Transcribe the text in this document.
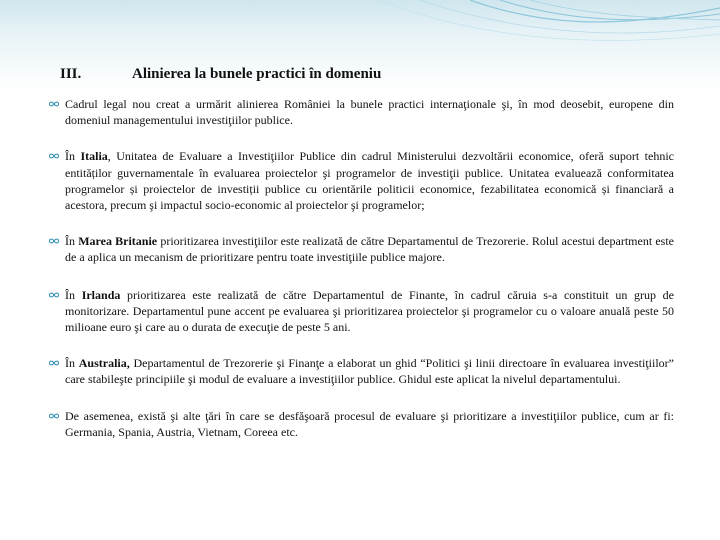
III.	Alinierea la bunele practici în domeniu
Cadrul legal nou creat a urmărit alinierea României la bunele practici internaţionale şi, în mod deosebit, europene din domeniul managementului investiţiilor publice.
În Italia, Unitatea de Evaluare a Investiţiilor Publice din cadrul Ministerului dezvoltării economice, oferă suport tehnic entităților guvernamentale în evaluarea proiectelor şi programelor de investiţii publice. Unitatea evaluează conformitatea programelor și proiectelor de investiții publice cu orientările politicii economice, fezabilitatea economică și financiară a acestora, precum şi impactul socio-economic al proiectelor şi programelor;
În Marea Britanie prioritizarea investiţiilor este realizată de către Departamentul de Trezorerie. Rolul acestui department este de a aplica un mecanism de prioritizare pentru toate investiţiile publice majore.
În Irlanda prioritizarea este realizată de către Departamentul de Finante, în cadrul căruia s-a constituit un grup de monitorizare. Departamentul pune accent pe evaluarea şi prioritizarea proiectelor şi programelor cu o valoare anuală peste 50 milioane euro şi care au o durata de execuţie de peste 5 ani.
În Australia, Departamentul de Trezorerie şi Finanţe a elaborat un ghid “Politici şi linii directoare în evaluarea investiţiilor” care stabileşte principiile şi modul de evaluare a investiţiilor publice. Ghidul este aplicat la nivelul departamentului.
De asemenea, există şi alte ţări în care se desfăşoară procesul de evaluare şi prioritizare a investiţiilor publice, cum ar fi: Germania, Spania, Austria, Vietnam, Coreea etc.
